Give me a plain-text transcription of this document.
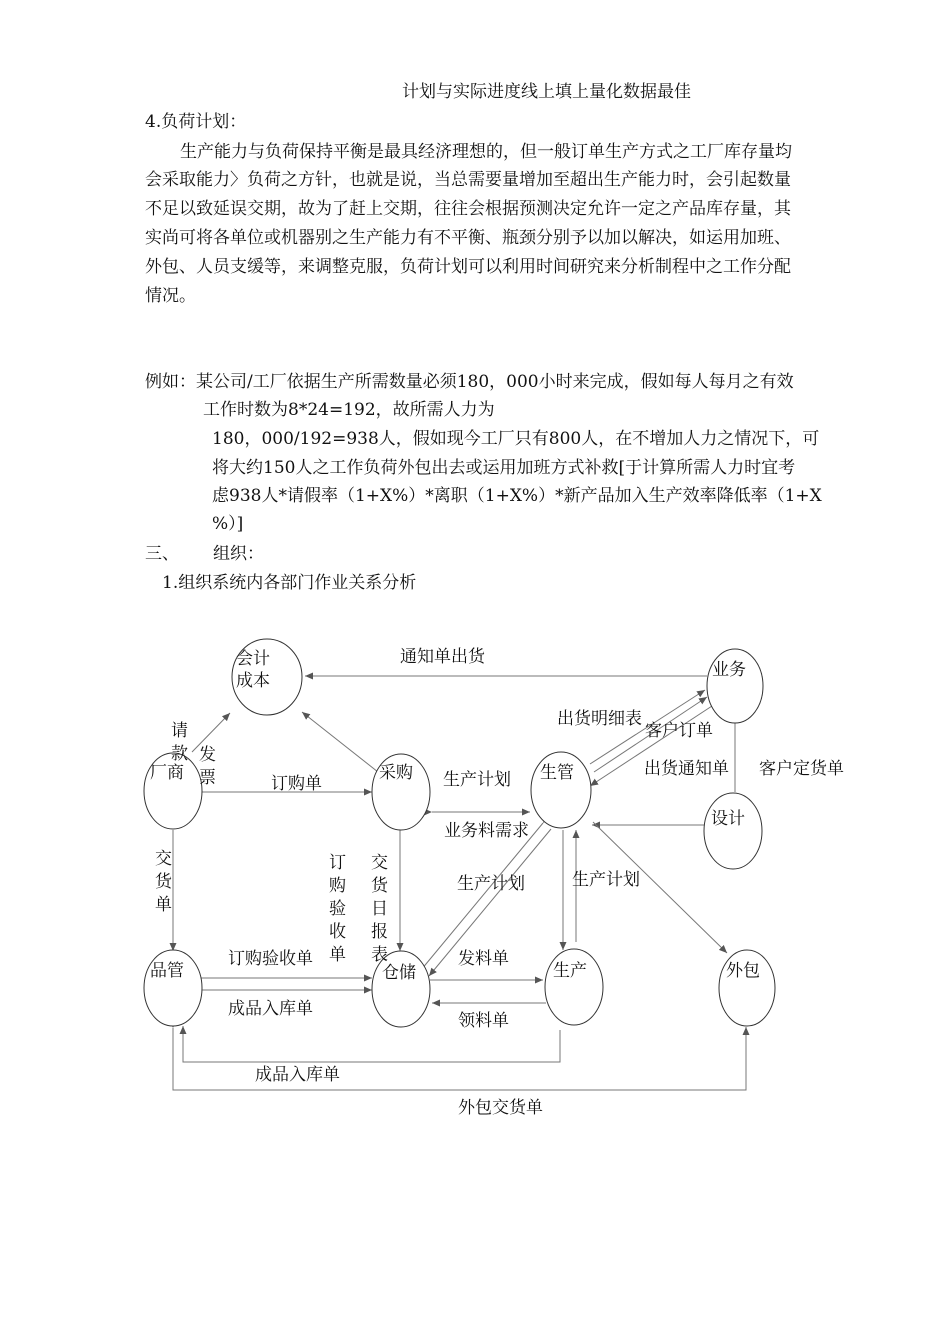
计划与实际进度线上填上量化数据最佳
4.负荷计划：
生产能力与负荷保持平衡是最具经济理想的，但一般订单生产方式之工厂库存量均
会采取能力〉负荷之方针，也就是说，当总需要量增加至超出生产能力时，会引起数量
不足以致延误交期，故为了赶上交期，往往会根据预测决定允许一定之产品库存量，其
实尚可将各单位或机器别之生产能力有不平衡、瓶颈分别予以加以解决，如运用加班、
外包、人员支缓等，来调整克服，负荷计划可以利用时间研究来分析制程中之工作分配
情况。
例如：某公司/工厂依据生产所需数量必须180，000小时来完成，假如每人每月之有效
工作时数为8*24=192，故所需人力为
180，000/192=938人，假如现今工厂只有800人，在不增加人力之情况下，可
将大约150人之工作负荷外包出去或运用加班方式补救[于计算所需人力时宜考
虑938人*请假率（1+X%）*离职（1+X%）*新产品加入生产效率降低率（1+X
%）]
三、 组织：
1.组织系统内各部门作业关系分析
会计成本
厂商	采购	生管
业务
设计
品管	仓储	生产	外包
通知单出货
请款 发票
出货明细表
客户订单
订购单	生产计划
出货通知单 客户定货单
业务料需求
交货单
订购验收单
交货日报表
生产计划	生产计划
订购验收单	发料单
成品入库单
领料单
成品入库单
外包交货单
